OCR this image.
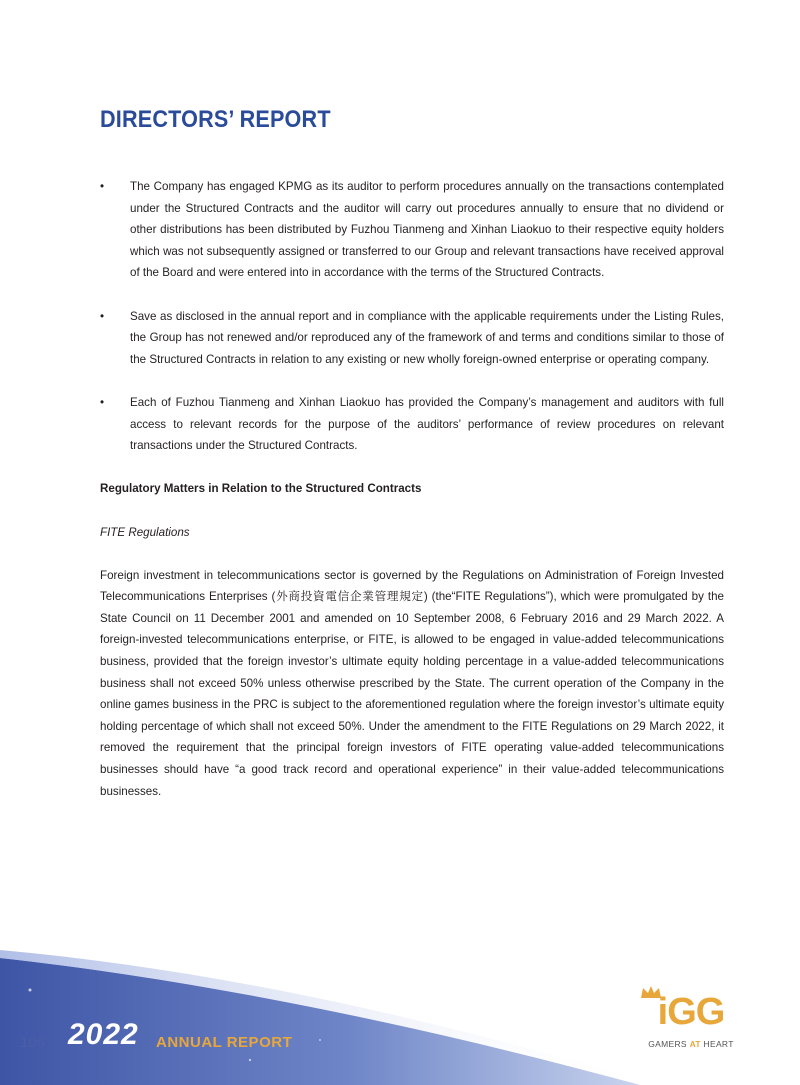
DIRECTORS’ REPORT
• The Company has engaged KPMG as its auditor to perform procedures annually on the transactions contemplated under the Structured Contracts and the auditor will carry out procedures annually to ensure that no dividend or other distributions has been distributed by Fuzhou Tianmeng and Xinhan Liaokuo to their respective equity holders which was not subsequently assigned or transferred to our Group and relevant transactions have received approval of the Board and were entered into in accordance with the terms of the Structured Contracts.
• Save as disclosed in the annual report and in compliance with the applicable requirements under the Listing Rules, the Group has not renewed and/or reproduced any of the framework of and terms and conditions similar to those of the Structured Contracts in relation to any existing or new wholly foreign-owned enterprise or operating company.
• Each of Fuzhou Tianmeng and Xinhan Liaokuo has provided the Company’s management and auditors with full access to relevant records for the purpose of the auditors’ performance of review procedures on relevant transactions under the Structured Contracts.
Regulatory Matters in Relation to the Structured Contracts
FITE Regulations

Foreign investment in telecommunications sector is governed by the Regulations on Administration of Foreign Invested Telecommunications Enterprises (外商投資電信企業管理規定) (the“FITE Regulations”), which were promulgated by the State Council on 11 December 2001 and amended on 10 September 2008, 6 February 2016 and 29 March 2022. A foreign-invested telecommunications enterprise, or FITE, is allowed to be engaged in value-added telecommunications business, provided that the foreign investor’s ultimate equity holding percentage in a value-added telecommunications business shall not exceed 50% unless otherwise prescribed by the State. The current operation of the Company in the online games business in the PRC is subject to the aforementioned regulation where the foreign investor’s ultimate equity holding percentage of which shall not exceed 50%. Under the amendment to the FITE Regulations on 29 March 2022, it removed the requirement that the principal foreign investors of FITE operating value-added telecommunications businesses should have “a good track record and operational experience” in their value-added telecommunications businesses.

106 2022 ANNUAL REPORT
iGG
GAMERS AT HEART
